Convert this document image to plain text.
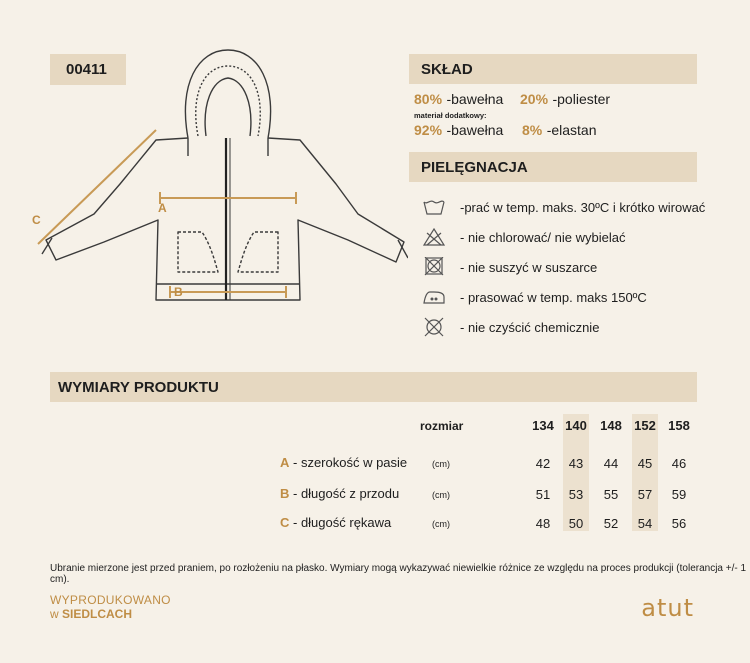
00411
A
B
C
SKŁAD
80% -bawełna 20% -poliester
materiał dodatkowy:
92% -bawełna 8% -elastan
PIELĘGNACJA
-prać w temp. maks. 30ºC i krótko wirować
- nie chlorować/ nie wybielać
- nie suszyć w suszarce
- prasować w temp. maks 150ºC
- nie czyścić chemicznie
WYMIARY PRODUKTU
rozmiar	134 140 148 152 158
A - szerokość w pasie	(cm)	42	43	44	45	46
B - długość z przodu	(cm)	51	53	55	57	59
C - długość rękawa	(cm)	48	50	52	54	56
Ubranie mierzone jest przed praniem, po rozłożeniu na płasko. Wymiary mogą wykazywać niewielkie różnice ze względu na proces produkcji (tolerancja +/- 1 cm).
WYPRODUKOWANO
w SIEDLCACH	atut
